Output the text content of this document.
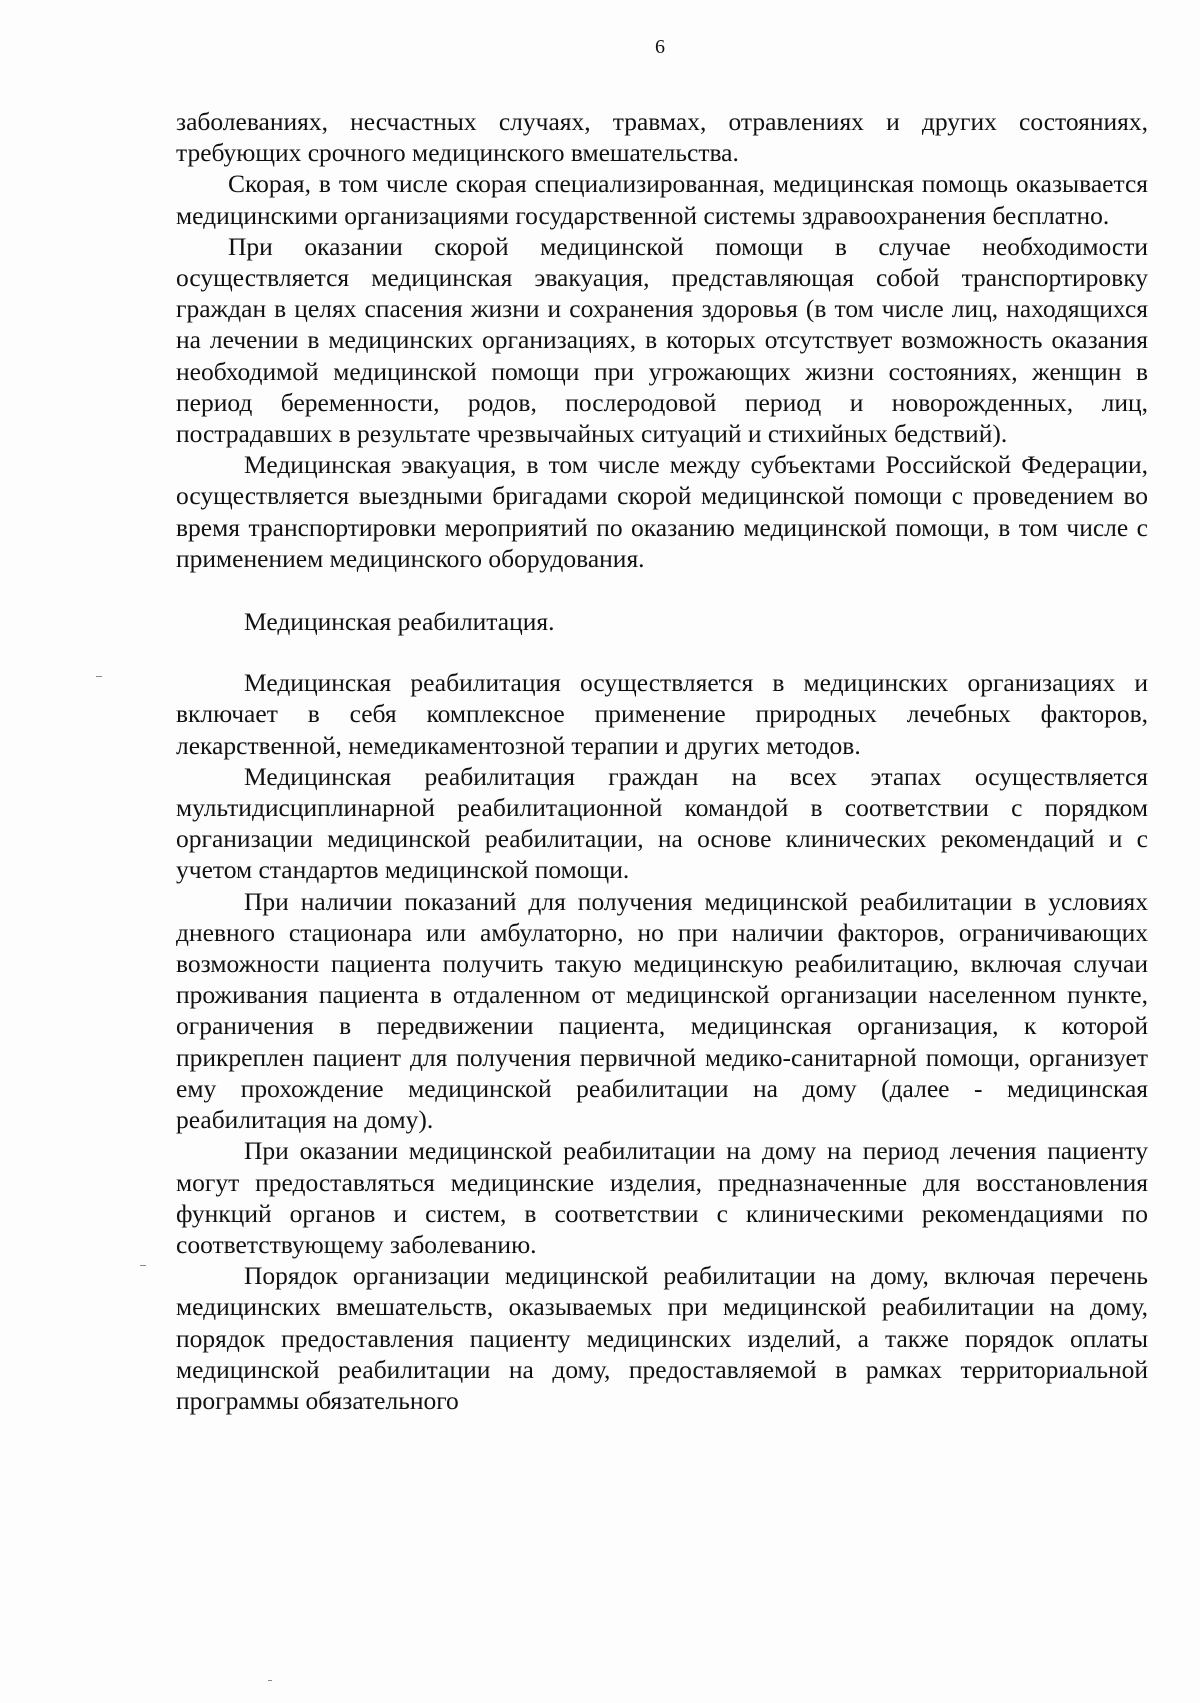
6

заболеваниях, несчастных случаях, травмах, отравлениях и других состояниях, требующих срочного медицинского вмешательства.

Скорая, в том числе скорая специализированная, медицинская помощь оказывается медицинскими организациями государственной системы здравоохранения бесплатно.

При оказании скорой медицинской помощи в случае необходимости осуществляется медицинская эвакуация, представляющая собой транспортировку граждан в целях спасения жизни и сохранения здоровья (в том числе лиц, находящихся на лечении в медицинских организациях, в которых отсутствует возможность оказания необходимой медицинской помощи при угрожающих жизни состояниях, женщин в период беременности, родов, послеродовой период и новорожденных, лиц, пострадавших в результате чрезвычайных ситуаций и стихийных бедствий).

Медицинская эвакуация, в том числе между субъектами Российской Федерации, осуществляется выездными бригадами скорой медицинской помощи с проведением во время транспортировки мероприятий по оказанию медицинской помощи, в том числе с применением медицинского оборудования.

Медицинская реабилитация.

Медицинская реабилитация осуществляется в медицинских организациях и включает в себя комплексное применение природных лечебных факторов, лекарственной, немедикаментозной терапии и других методов.

Медицинская реабилитация граждан на всех этапах осуществляется мультидисциплинарной реабилитационной командой в соответствии с порядком организации медицинской реабилитации, на основе клинических рекомендаций и с учетом стандартов медицинской помощи.

При наличии показаний для получения медицинской реабилитации в условиях дневного стационара или амбулаторно, но при наличии факторов, ограничивающих возможности пациента получить такую медицинскую реабилитацию, включая случаи проживания пациента в отдаленном от медицинской организации населенном пункте, ограничения в передвижении пациента, медицинская организация, к которой прикреплен пациент для получения первичной медико-санитарной помощи, организует ему прохождение медицинской реабилитации на дому (далее - медицинская реабилитация на дому).

При оказании медицинской реабилитации на дому на период лечения пациенту могут предоставляться медицинские изделия, предназначенные для восстановления функций органов и систем, в соответствии с клиническими рекомендациями по соответствующему заболеванию.

Порядок организации медицинской реабилитации на дому, включая перечень медицинских вмешательств, оказываемых при медицинской реабилитации на дому, порядок предоставления пациенту медицинских изделий, а также порядок оплаты медицинской реабилитации на дому, предоставляемой в рамках территориальной программы обязательного
